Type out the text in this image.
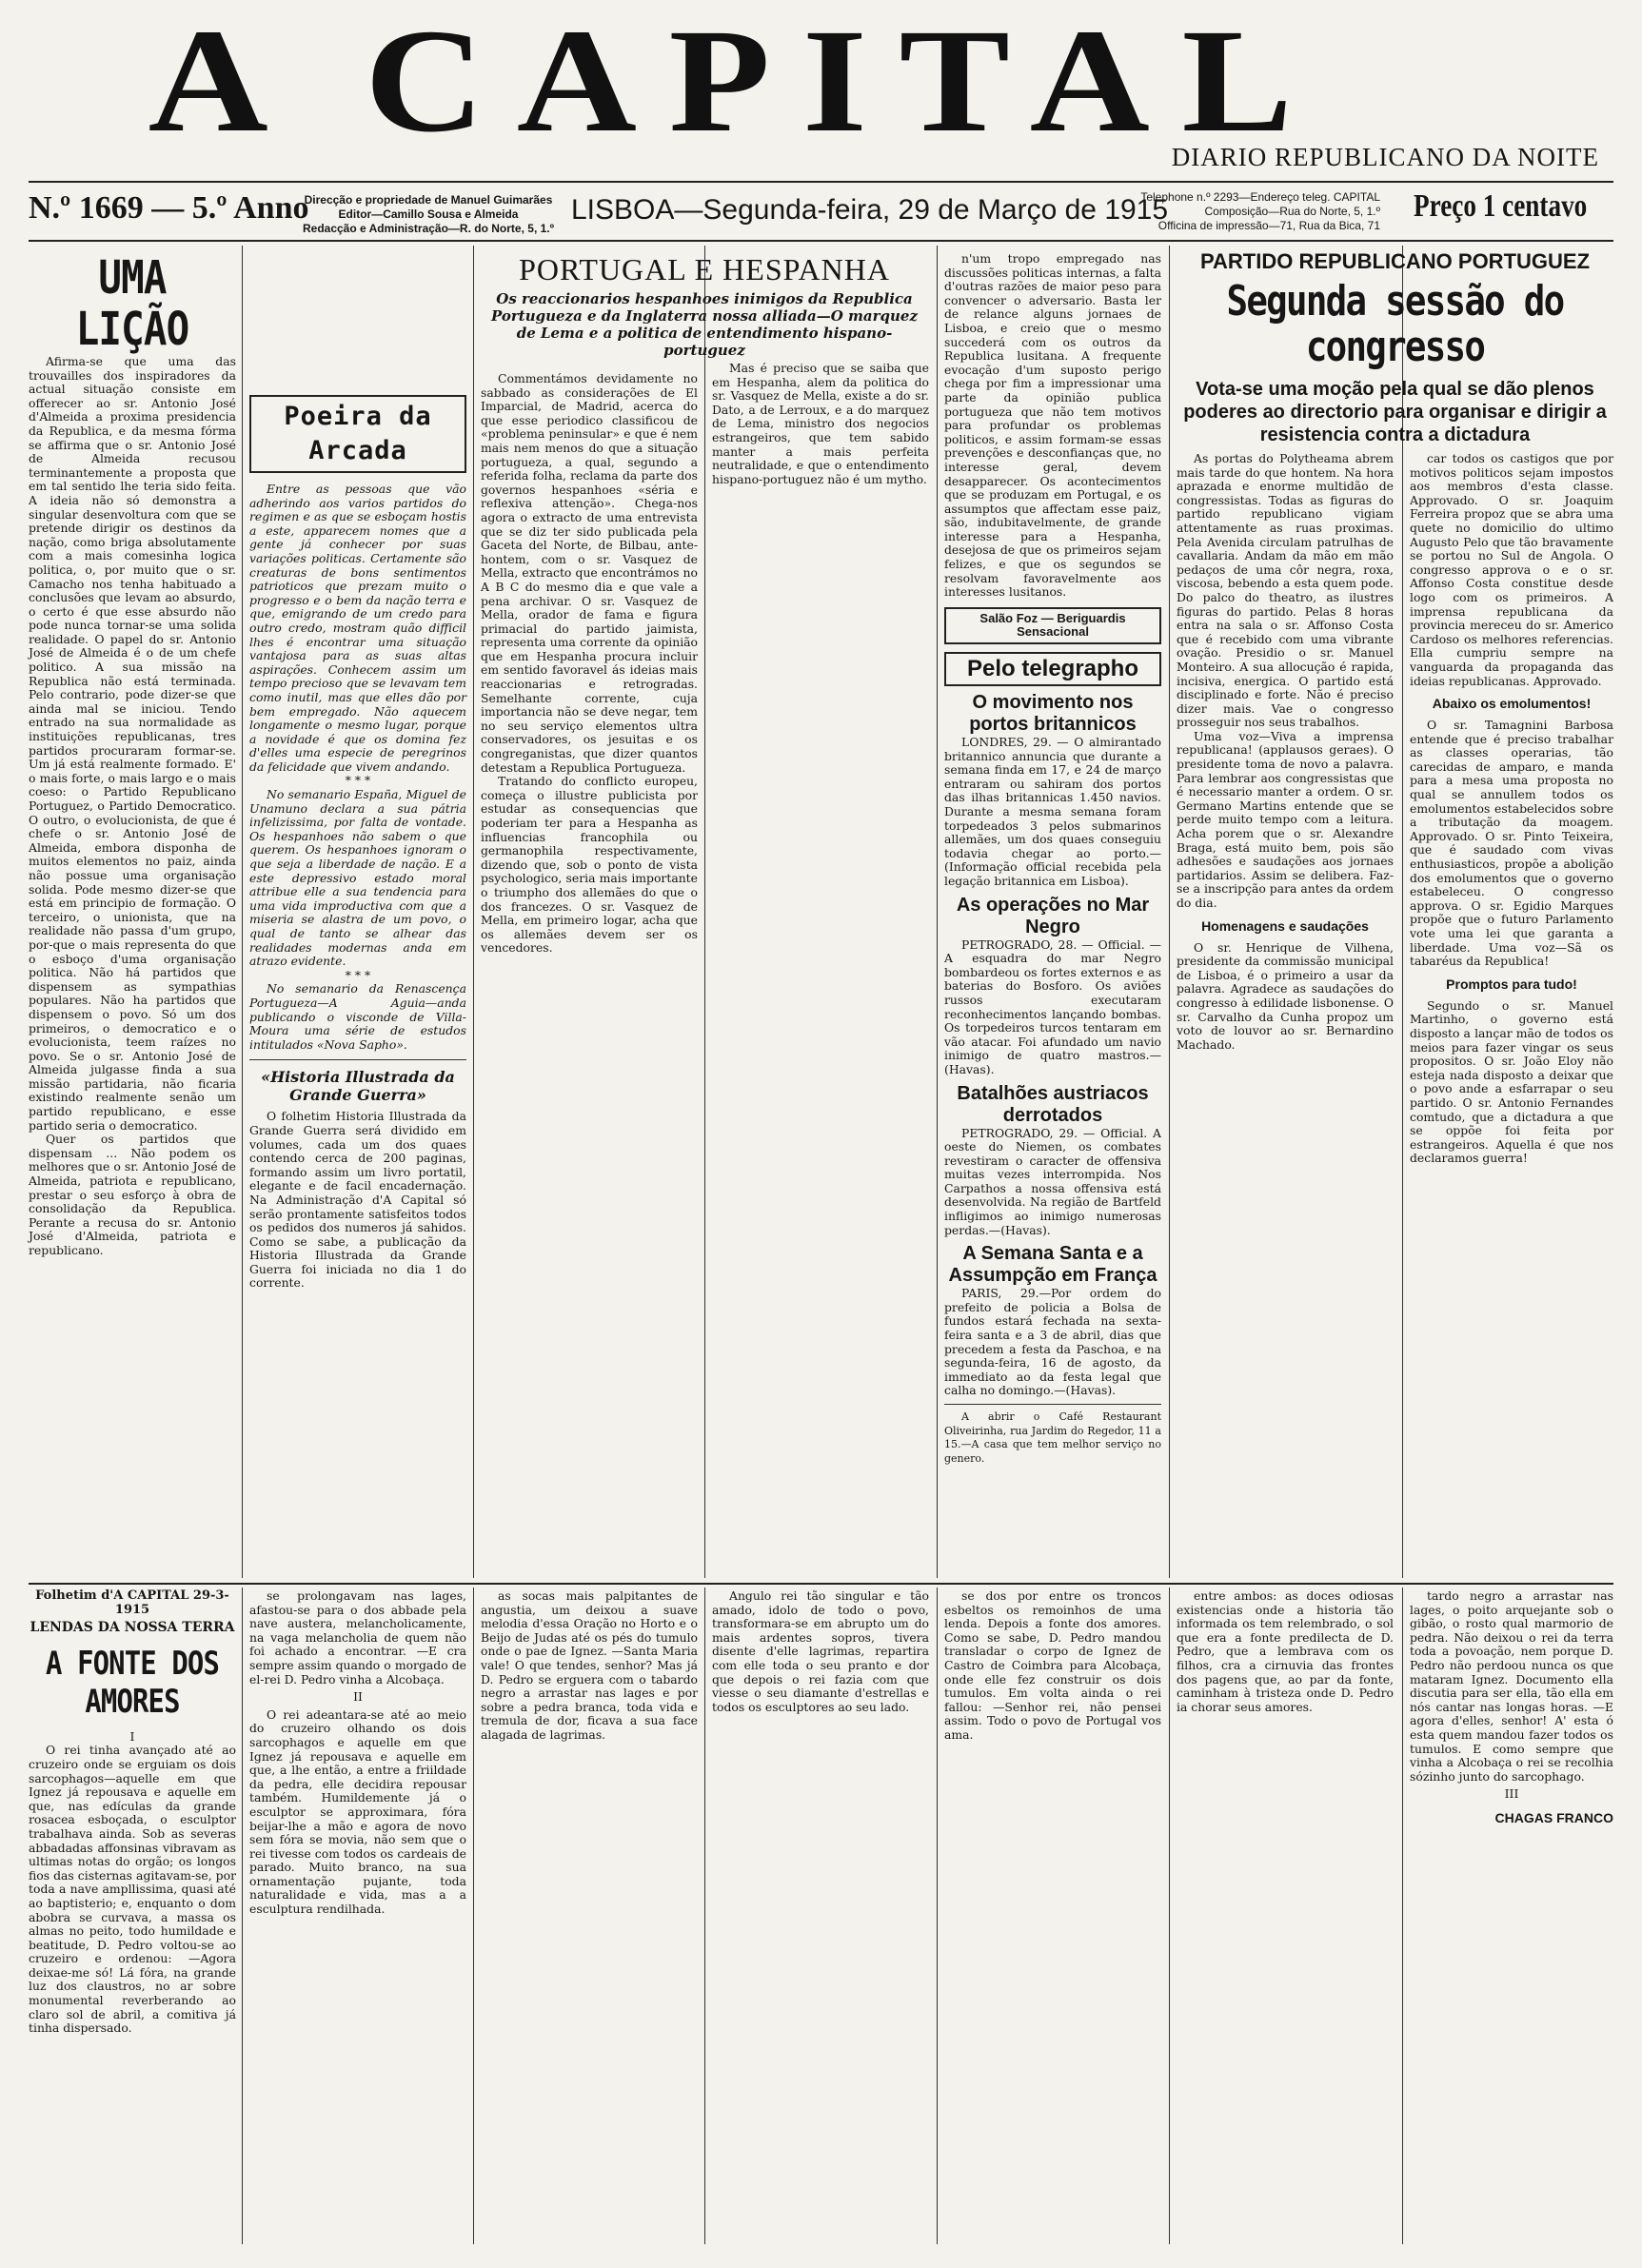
A CAPITAL
DIARIO REPUBLICANO DA NOITE
N.º 1669 — 5.º Anno
Direcção e propriedade de Manuel Guimarães
Editor—Camillo Sousa e Almeida
Redacção e Administração—R. do Norte, 5, 1.º
LISBOA—Segunda-feira, 29 de Março de 1915
Telephone n.º 2293—Endereço teleg. CAPITAL
Composição—Rua do Norte, 5, 1.º
Officina de impressão—71, Rua da Bica, 71
Preço 1 centavo
UMA LIÇÃO

Afirma-se que uma das trouvailles dos inspiradores da actual situação consiste em offerecer ao sr. Antonio José d'Almeida a proxima presidencia da Republica, e da mesma fórma se affirma que o sr. Antonio José de Almeida recusou terminantemente a proposta que em tal sentido lhe teria sido feita. A ideia não só demonstra a singular desenvoltura com que se pretende dirigir os destinos da nação, como briga absolutamente com a mais comesinha logica politica, o, por muito que o sr. Camacho nos tenha habituado a conclusões que levam ao absurdo, o certo é que esse absurdo não pode nunca tornar-se uma solida realidade. O papel do sr. Antonio José de Almeida é o de um chefe politico. A sua missão na Republica não está terminada. Pelo contrario, pode dizer-se que ainda mal se iniciou. Tendo entrado na sua normalidade as instituições republicanas, tres partidos procuraram formar-se. Um já está realmente formado. E' o mais forte, o mais largo e o mais coeso: o Partido Republicano Portuguez, o Partido Democratico. O outro, o evolucionista, de que é chefe o sr. Antonio José de Almeida, embora disponha de muitos elementos no paiz, ainda não possue uma organisação solida. Pode mesmo dizer-se que está em principio de formação. O terceiro, o unionista, que na realidade não passa d'um grupo, por-que o mais representa do que o esboço d'uma organisação politica. Não há partidos que dispensem as sympathias populares. Não ha partidos que dispensem o povo. Só um dos primeiros, o democratico e o evolucionista, teem raízes no povo. Se o sr. Antonio José de Almeida julgasse finda a sua missão partidaria, não ficaria existindo realmente senão um partido republicano, e esse partido seria o democratico.

Quer os partidos que dispensam ... Não podem os melhores que o sr. Antonio José de Almeida, patriota e republicano, prestar o seu esforço à obra de consolidação da Republica. Perante a recusa do sr. Antonio José d'Almeida, patriota e republicano.

Poeira da Arcada

Entre as pessoas que vão adherindo aos varios partidos do regimen e as que se esboçam hostis a este, apparecem nomes que a gente já conhecer por suas variações politicas. Certamente são creaturas de bons sentimentos patrioticos que prezam muito o progresso e o bem da nação terra e que, emigrando de um credo para outro credo, mostram quão difficil lhes é encontrar uma situação vantajosa para as suas altas aspirações. Conhecem assim um tempo precioso que se levavam tem como inutil, mas que elles dão por bem empregado. Não aquecem longamente o mesmo lugar, porque a novidade é que os domina fez d'elles uma especie de peregrinos da felicidade que vivem andando.

* * *

No semanario España, Miguel de Unamuno declara a sua pátria infelizissima, por falta de vontade. Os hespanhoes não sabem o que querem. Os hespanhoes ignoram o que seja a liberdade de nação. E a este depressivo estado moral attribue elle a sua tendencia para uma vida improductiva com que a miseria se alastra de um povo, o qual de tanto se alhear das realidades modernas anda em atrazo evidente.

* * *

No semanario da Renascença Portugueza—A Aguia—anda publicando o visconde de Villa-Moura uma série de estudos intitulados «Nova Sapho».

«Historia Illustrada da Grande Guerra»

O folhetim Historia Illustrada da Grande Guerra será dividido em volumes, cada um dos quaes contendo cerca de 200 paginas, formando assim um livro portatil, elegante e de facil encadernação. Na Administração d'A Capital só serão prontamente satisfeitos todos os pedidos dos numeros já sahidos. Como se sabe, a publicação da Historia Illustrada da Grande Guerra foi iniciada no dia 1 do corrente.

PORTUGAL E HESPANHA
Os reaccionarios hespanhoes inimigos da Republica Portugueza e da Inglaterra nossa alliada—O marquez de Lema e a politica de entendimento hispano-portuguez

Commentámos devidamente no sabbado as considerações de El Imparcial, de Madrid, acerca do que esse periodico classificou de «problema peninsular» e que é nem mais nem menos do que a situação portugueza, a qual, segundo a referida folha, reclama da parte dos governos hespanhoes «séria e reflexiva attenção». Chega-nos agora o extracto de uma entrevista que se diz ter sido publicada pela Gaceta del Norte, de Bilbau, ante-hontem, com o sr. Vasquez de Mella, extracto que encontrámos no A B C do mesmo dia e que vale a pena archivar. O sr. Vasquez de Mella, orador de fama e figura primacial do partido jaimista, representa uma corrente da opinião que em Hespanha procura incluir em sentido favoravel ás ideias mais reaccionarias e retrogradas. Semelhante corrente, cuja importancia não se deve negar, tem no seu serviço elementos ultra conservadores, os jesuitas e os congreganistas, que dizer quantos detestam a Republica Portugueza.

Tratando do conflicto europeu, começa o illustre publicista por estudar as consequencias que poderiam ter para a Hespanha as influencias francophila ou germanophila respectivamente, dizendo que, sob o ponto de vista psychologico, seria mais importante o triumpho dos allemães do que o dos francezes. O sr. Vasquez de Mella, em primeiro logar, acha que os allemães devem ser os vencedores.

Mas é preciso que se saiba que em Hespanha, alem da politica do sr. Vasquez de Mella, existe a do sr. Dato, a de Lerroux, e a do marquez de Lema, ministro dos negocios estrangeiros, que tem sabido manter a mais perfeita neutralidade, e que o entendimento hispano-portuguez não é um mytho.

n'um tropo empregado nas discussões politicas internas, a falta d'outras razões de maior peso para convencer o adversario. Basta ler de relance alguns jornaes de Lisboa, e creio que o mesmo succederá com os outros da Republica lusitana. A frequente evocação d'um suposto perigo chega por fim a impressionar uma parte da opinião publica portugueza que não tem motivos para profundar os problemas politicos, e assim formam-se essas prevenções e desconfianças que, no interesse geral, devem desapparecer. Os acontecimentos que se produzam em Portugal, e os assumptos que affectam esse paiz, são, indubitavelmente, de grande interesse para a Hespanha, desejosa de que os primeiros sejam felizes, e que os segundos se resolvam favoravelmente aos interesses lusitanos.

Salão Foz — Beriguardis Sensacional
Pelo telegrapho
O movimento nos portos britannicos

LONDRES, 29. — O almirantado britannico annuncia que durante a semana finda em 17, e 24 de março entraram ou sahiram dos portos das ilhas britannicas 1.450 navios. Durante a mesma semana foram torpedeados 3 pelos submarinos allemães, um dos quaes conseguiu todavia chegar ao porto.—(Informação official recebida pela legação britannica em Lisboa).

As operações no Mar Negro

PETROGRADO, 28. — Official. — A esquadra do mar Negro bombardeou os fortes externos e as baterias do Bosforo. Os aviões russos executaram reconhecimentos lançando bombas. Os torpedeiros turcos tentaram em vão atacar. Foi afundado um navio inimigo de quatro mastros.—(Havas).

Batalhões austriacos derrotados

PETROGRADO, 29. — Official. A oeste do Niemen, os combates revestiram o caracter de offensiva muitas vezes interrompida. Nos Carpathos a nossa offensiva está desenvolvida. Na região de Bartfeld infligimos ao inimigo numerosas perdas.—(Havas).

A Semana Santa e a Assumpção em França

PARIS, 29.—Por ordem do prefeito de policia a Bolsa de fundos estará fechada na sexta-feira santa e a 3 de abril, dias que precedem a festa da Paschoa, e na segunda-feira, 16 de agosto, da immediato ao da festa legal que calha no domingo.—(Havas).

A abrir o Café Restaurant Oliveirinha, rua Jardim do Regedor, 11 a 15.—A casa que tem melhor serviço no genero.

PARTIDO REPUBLICANO PORTUGUEZ
Segunda sessão do congresso
Vota-se uma moção pela qual se dão plenos poderes ao directorio para organisar e dirigir a resistencia contra a dictadura

As portas do Polytheama abrem mais tarde do que hontem. Na hora aprazada e enorme multidão de congressistas. Todas as figuras do partido republicano vigiam attentamente as ruas proximas. Pela Avenida circulam patrulhas de cavallaria. Andam da mão em mão pedaços de uma côr negra, roxa, viscosa, bebendo a esta quem pode. Do palco do theatro, as ilustres figuras do partido. Pelas 8 horas entra na sala o sr. Affonso Costa que é recebido com uma vibrante ovação. Presidio o sr. Manuel Monteiro. A sua allocução é rapida, incisiva, energica. O partido está disciplinado e forte. Não é preciso dizer mais. Vae o congresso prosseguir nos seus trabalhos.

Uma voz—Viva a imprensa republicana! (applausos geraes). O presidente toma de novo a palavra. Para lembrar aos congressistas que é necessario manter a ordem. O sr. Germano Martins entende que se perde muito tempo com a leitura. Acha porem que o sr. Alexandre Braga, está muito bem, pois são adhesões e saudações aos jornaes partidarios. Assim se delibera. Faz-se a inscripção para antes da ordem do dia.

Homenagens e saudações

O sr. Henrique de Vilhena, presidente da commissão municipal de Lisboa, é o primeiro a usar da palavra. Agradece as saudações do congresso à edilidade lisbonense. O sr. Carvalho da Cunha propoz um voto de louvor ao sr. Bernardino Machado.

car todos os castigos que por motivos politicos sejam impostos aos membros d'esta classe. Approvado. O sr. Joaquim Ferreira propoz que se abra uma quete no domicilio do ultimo Augusto Pelo que tão bravamente se portou no Sul de Angola. O congresso approva o e o sr. Affonso Costa constitue desde logo com os primeiros. A imprensa republicana da provincia mereceu do sr. Americo Cardoso os melhores referencias. Ella cumpriu sempre na vanguarda da propaganda das ideias republicanas. Approvado.

Abaixo os emolumentos!

O sr. Tamagnini Barbosa entende que é preciso trabalhar as classes operarias, tão carecidas de amparo, e manda para a mesa uma proposta no qual se annullem todos os emolumentos estabelecidos sobre a tributação da moagem. Approvado. O sr. Pinto Teixeira, que é saudado com vivas enthusiasticos, propõe a abolição dos emolumentos que o governo estabeleceu. O congresso approva. O sr. Egidio Marques propõe que o futuro Parlamento vote uma lei que garanta a liberdade. Uma voz—Sã os tabaréus da Republica!

Promptos para tudo!

Segundo o sr. Manuel Martinho, o governo está disposto a lançar mão de todos os meios para fazer vingar os seus propositos. O sr. João Eloy não esteja nada disposto a deixar que o povo ande a esfarrapar o seu partido. O sr. Antonio Fernandes comtudo, que a dictadura a que se oppõe foi feita por estrangeiros. Aquella é que nos declaramos guerra!

Folhetim d'A CAPITAL 29-3-1915
LENDAS DA NOSSA TERRA
A FONTE DOS AMORES
I

O rei tinha avançado até ao cruzeiro onde se erguiam os dois sarcophagos—aquelle em que Ignez já repousava e aquelle em que, nas edículas da grande rosacea esboçada, o esculptor trabalhava ainda. Sob as severas abbadadas affonsinas vibravam as ultimas notas do orgão; os longos fios das cisternas agitavam-se, por toda a nave ampllissima, quasi até ao baptisterio; e, enquanto o dom abobra se curvava, a massa os almas no peito, todo humildade e beatitude, D. Pedro voltou-se ao cruzeiro e ordenou: —Agora deixae-me só! Lá fóra, na grande luz dos claustros, no ar sobre monumental reverberando ao claro sol de abril, a comitiva já tinha dispersado.

se prolongavam nas lages, afastou-se para o dos abbade pela nave austera, melancholicamente, na vaga melancholia de quem não foi achado a encontrar. —E cra sempre assim quando o morgado de el-rei D. Pedro vinha a Alcobaça.

II

O rei adeantara-se até ao meio do cruzeiro olhando os dois sarcophagos e aquelle em que Ignez já repousava e aquelle em que, a lhe então, a entre a friildade da pedra, elle decidira repousar também. Humildemente já o esculptor se approximara, fóra beijar-lhe a mão e agora de novo sem fóra se movia, não sem que o rei tivesse com todos os cardeais de parado. Muito branco, na sua ornamentação pujante, toda naturalidade e vida, mas a a esculptura rendilhada.

as socas mais palpitantes de angustia, um deixou a suave melodia d'essa Oração no Horto e o Beijo de Judas até os pés do tumulo onde o pae de Ignez. —Santa Maria vale! O que tendes, senhor? Mas já D. Pedro se erguera com o tabardo negro a arrastar nas lages e por sobre a pedra branca, toda vida e tremula de dor, ficava a sua face alagada de lagrimas.

Angulo rei tão singular e tão amado, idolo de todo o povo, transformara-se em abrupto um do mais ardentes sopros, tivera disente d'elle lagrimas, repartira com elle toda o seu pranto e dor que depois o rei fazia com que viesse o seu diamante d'estrellas e todos os esculptores ao seu lado.

se dos por entre os troncos esbeltos os remoinhos de uma lenda. Depois a fonte dos amores. Como se sabe, D. Pedro mandou transladar o corpo de Ignez de Castro de Coimbra para Alcobaça, onde elle fez construir os dois tumulos. Em volta ainda o rei fallou: —Senhor rei, não pensei assim. Todo o povo de Portugal vos ama.

entre ambos: as doces odiosas existencias onde a historia tão informada os tem relembrado, o sol que era a fonte predilecta de D. Pedro, que a lembrava com os filhos, cra a cirnuvia das frontes dos pagens que, ao par da fonte, caminham à tristeza onde D. Pedro ia chorar seus amores.

tardo negro a arrastar nas lages, o poito arquejante sob o gibão, o rosto qual marmorio de pedra. Não deixou o rei da terra toda a povoação, nem porque D. Pedro não perdoou nunca os que mataram Ignez. Documento ella discutia para ser ella, tão ella em nós cantar nas longas horas. —E agora d'elles, senhor! A' esta ó esta quem mandou fazer todos os tumulos. E como sempre que vinha a Alcobaça o rei se recolhia sózinho junto do sarcophago.

III
CHAGAS FRANCO
